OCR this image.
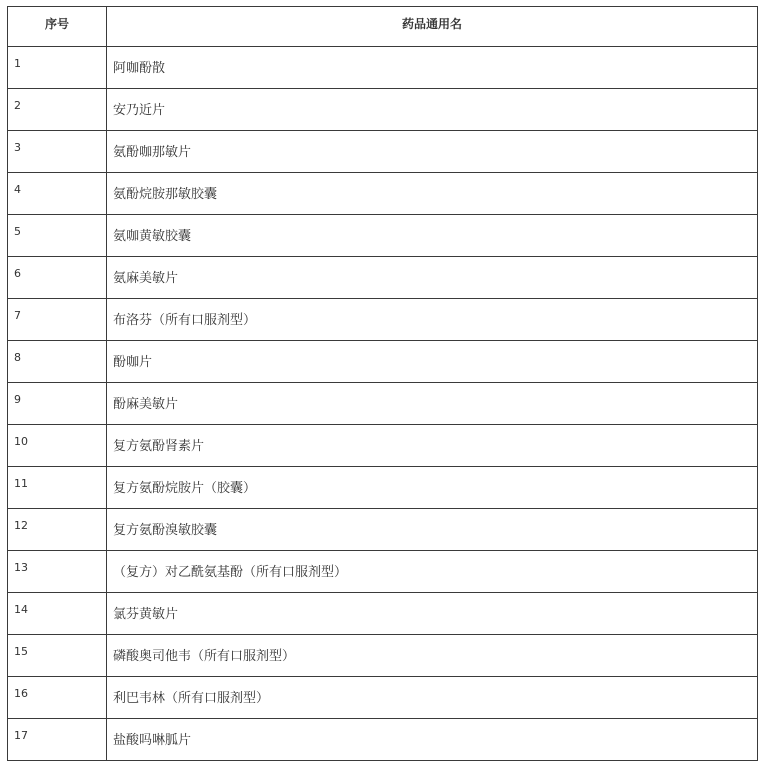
序号	药品通用名
1	阿咖酚散
2	安乃近片
3	氨酚咖那敏片
4	氨酚烷胺那敏胶囊
5	氨咖黄敏胶囊
6	氨麻美敏片
7	布洛芬（所有口服剂型）
8	酚咖片
9	酚麻美敏片
10	复方氨酚肾素片
11	复方氨酚烷胺片（胶囊）
12	复方氨酚溴敏胶囊
13	（复方）对乙酰氨基酚（所有口服剂型）
14	氯芬黄敏片
15	磷酸奥司他韦（所有口服剂型）
16	利巴韦林（所有口服剂型）
17	盐酸吗啉胍片
